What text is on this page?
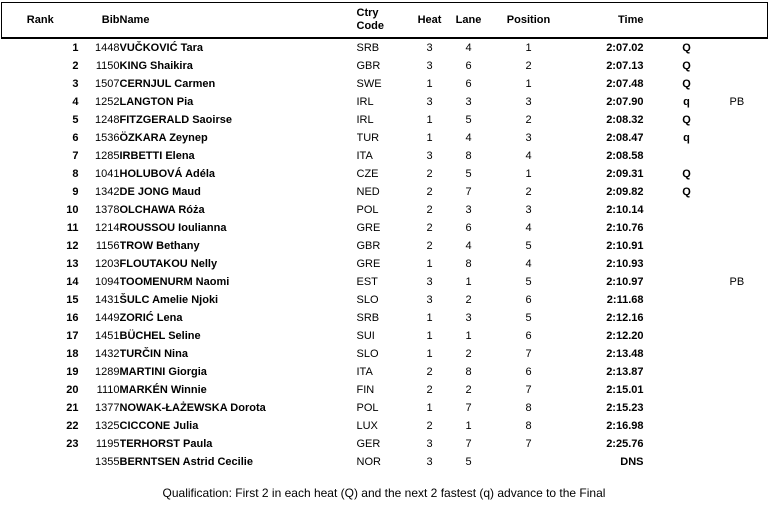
Rank	Bib	Name	Ctry
Code	Heat	Lane	Position	Time		
1	1448	VUČKOVIĆ Tara	SRB	3	4	1	2:07.02	Q	
2	1150	KING Shaikira	GBR	3	6	2	2:07.13	Q	
3	1507	CERNJUL Carmen	SWE	1	6	1	2:07.48	Q	
4	1252	LANGTON Pia	IRL	3	3	3	2:07.90	q	PB
5	1248	FITZGERALD Saoirse	IRL	1	5	2	2:08.32	Q	
6	1536	ÖZKARA Zeynep	TUR	1	4	3	2:08.47	q	
7	1285	IRBETTI Elena	ITA	3	8	4	2:08.58		
8	1041	HOLUBOVÁ Adéla	CZE	2	5	1	2:09.31	Q	
9	1342	DE JONG Maud	NED	2	7	2	2:09.82	Q	
10	1378	OLCHAWA Róża	POL	2	3	3	2:10.14		
11	1214	ROUSSOU Ioulianna	GRE	2	6	4	2:10.76		
12	1156	TROW Bethany	GBR	2	4	5	2:10.91		
13	1203	FLOUTAKOU Nelly	GRE	1	8	4	2:10.93		
14	1094	TOOMENURM Naomi	EST	3	1	5	2:10.97		PB
15	1431	ŠULC Amelie Njoki	SLO	3	2	6	2:11.68		
16	1449	ZORIĆ Lena	SRB	1	3	5	2:12.16		
17	1451	BÜCHEL Seline	SUI	1	1	6	2:12.20		
18	1432	TURČIN Nina	SLO	1	2	7	2:13.48		
19	1289	MARTINI Giorgia	ITA	2	8	6	2:13.87		
20	1110	MARKÉN Winnie	FIN	2	2	7	2:15.01		
21	1377	NOWAK-ŁAŻEWSKA Dorota	POL	1	7	8	2:15.23		
22	1325	CICCONE Julia	LUX	2	1	8	2:16.98		
23	1195	TERHORST Paula	GER	3	7	7	2:25.76		
	1355	BERNTSEN Astrid Cecilie	NOR	3	5		DNS		
Qualification: First 2 in each heat (Q) and the next 2 fastest (q) advance to the Final
